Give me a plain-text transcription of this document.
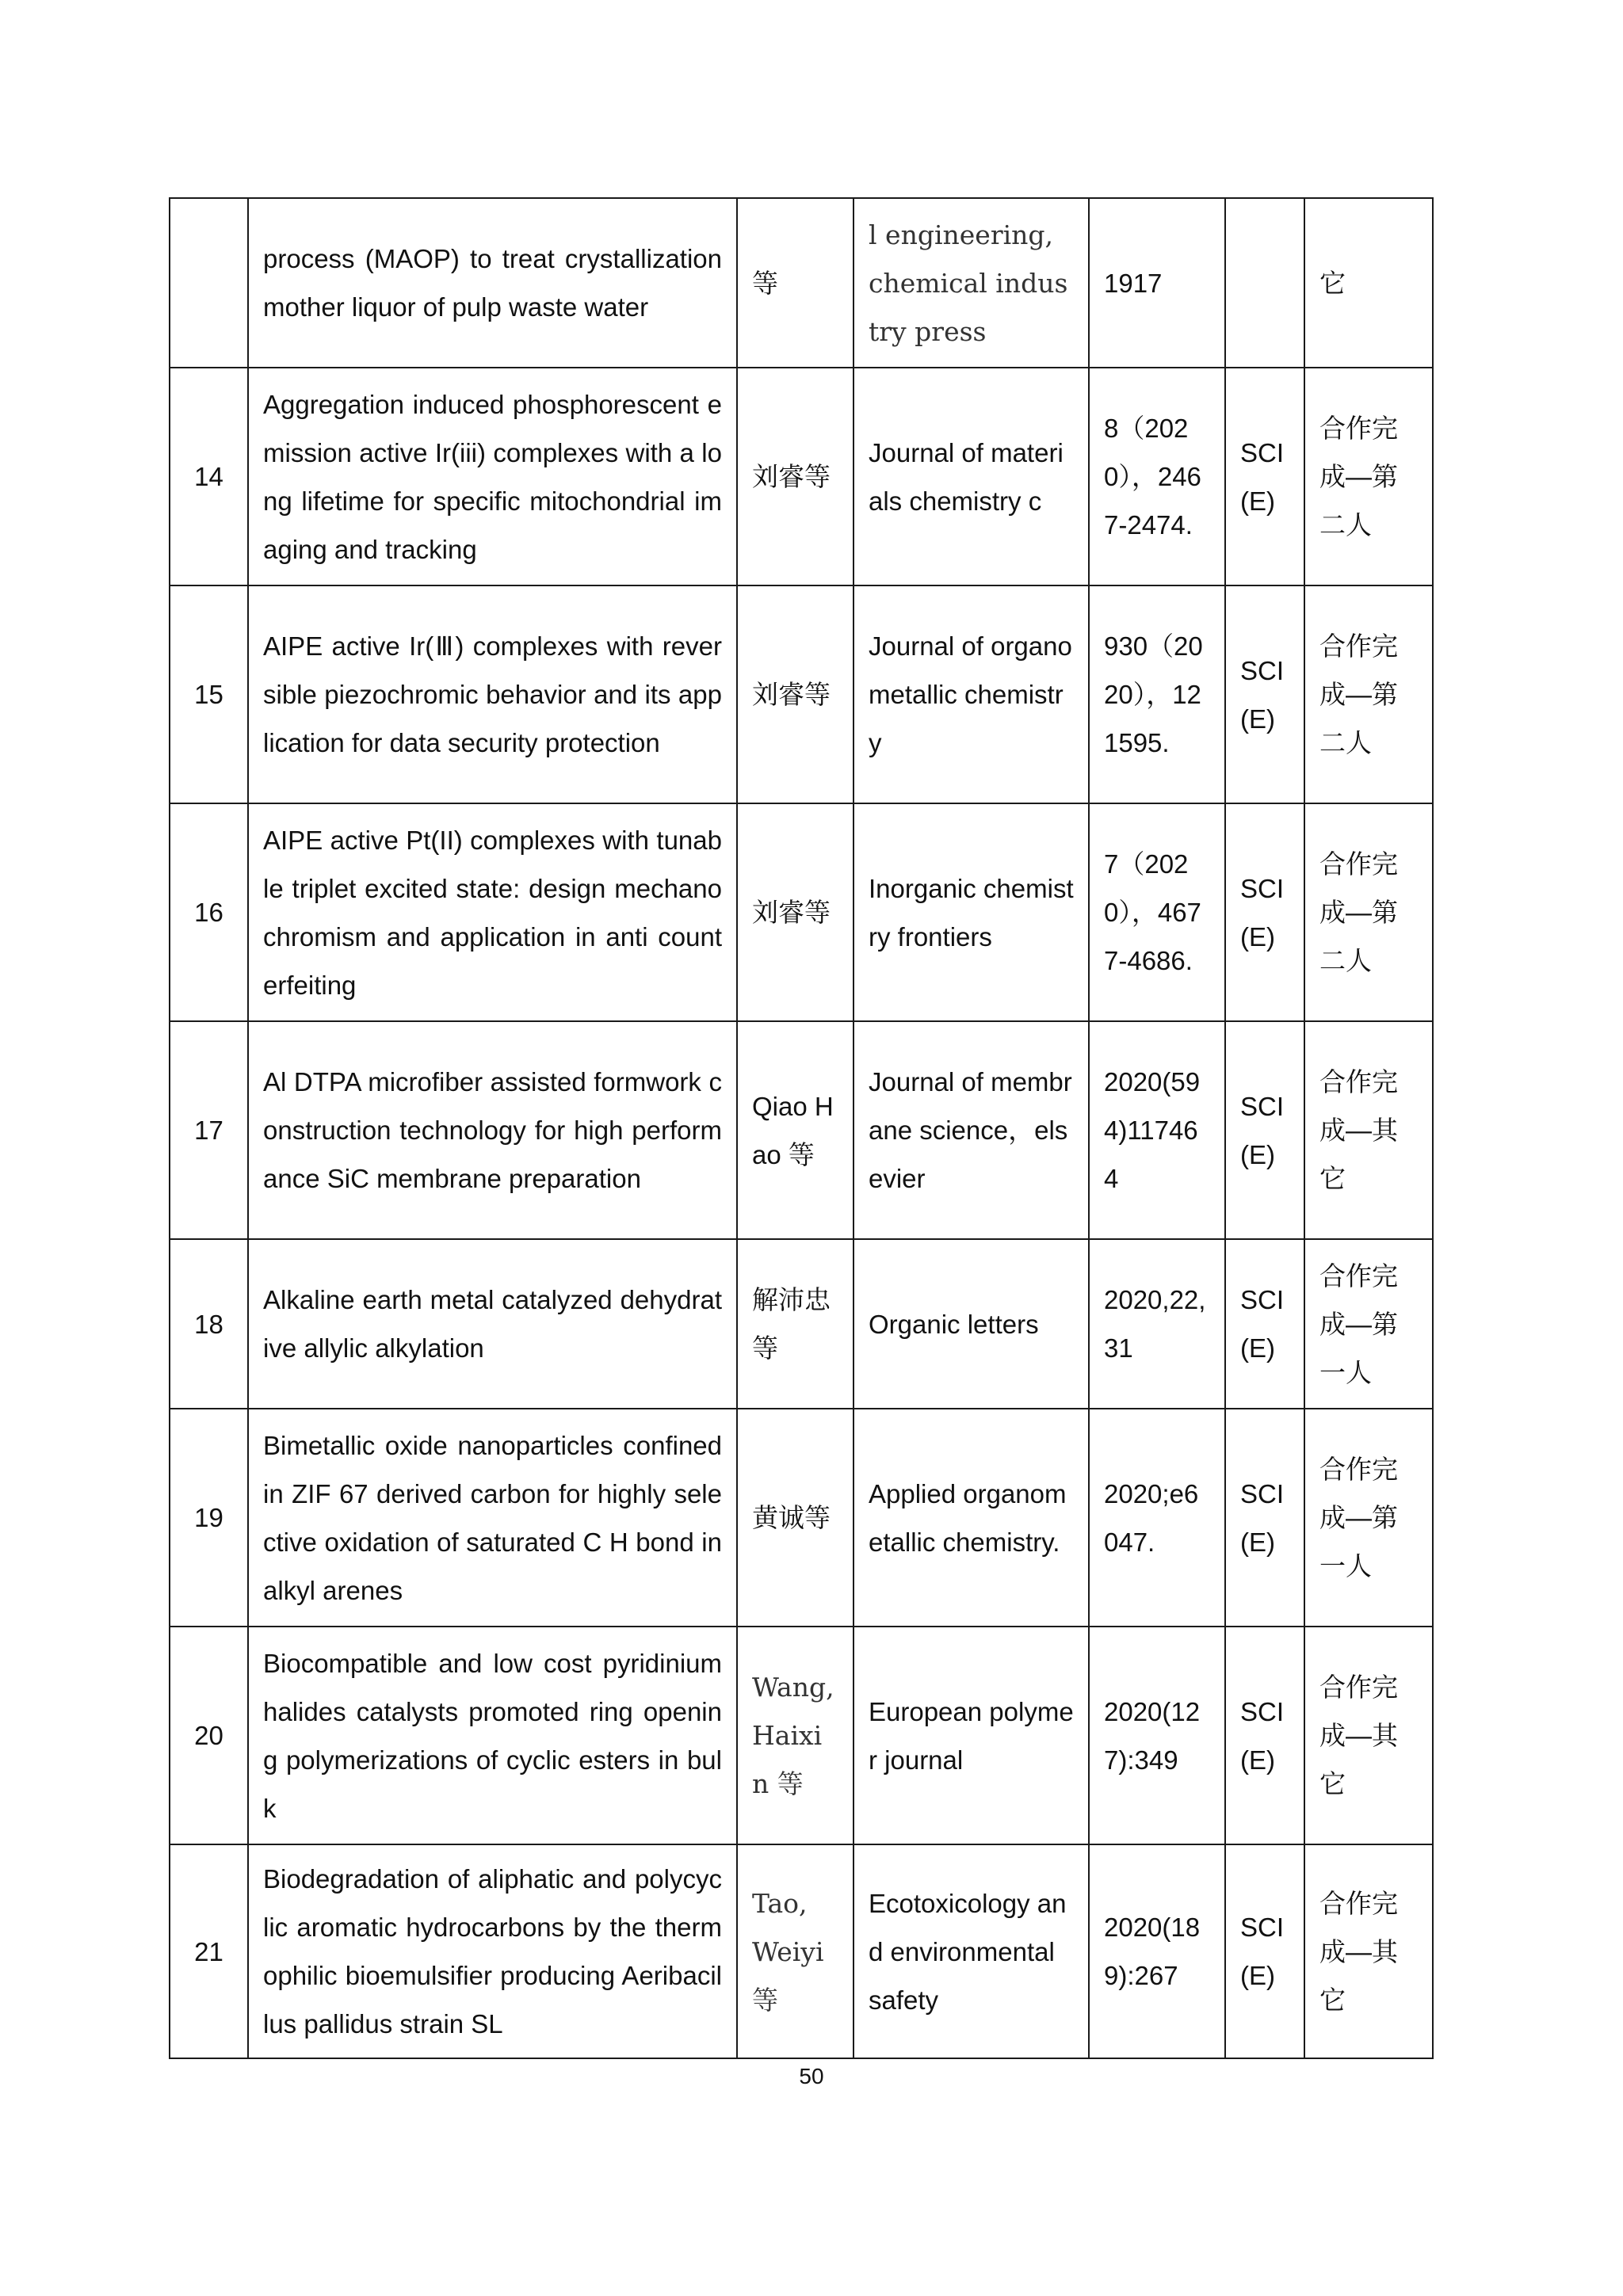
	process (MAOP) to treat crystallization mother liquor of pulp waste water	等	l engineering, chemical industry press	1917		它
14	Aggregation induced phosphorescent emission active Ir(iii) complexes with a long lifetime for specific mitochondrial imaging and tracking	刘睿等	Journal of materials chemistry c	8（2020），2467-2474.	SCI(E)	合作完成—第二人
15	AIPE active Ir(Ⅲ) complexes with reversible piezochromic behavior and its application for data security protection	刘睿等	Journal of organometallic chemistry	930（2020），121595.	SCI(E)	合作完成—第二人
16	AIPE active Pt(II) complexes with tunable triplet excited state: design mechanochromism and application in anti counterfeiting	刘睿等	Inorganic chemistry frontiers	7（2020），4677-4686.	SCI(E)	合作完成—第二人
17	Al DTPA microfiber assisted formwork construction technology for high performance SiC membrane preparation	Qiao Hao 等	Journal of membrane science，elsevier	2020(594)117464	SCI(E)	合作完成—其它
18	Alkaline earth metal catalyzed dehydrative allylic alkylation	解沛忠等	Organic letters	2020,22,31	SCI(E)	合作完成—第一人
19	Bimetallic oxide nanoparticles confined in ZIF 67 derived carbon for highly selective oxidation of saturated C H bond in alkyl arenes	黄诚等	Applied organometallic chemistry.	2020;e6047.	SCI(E)	合作完成—第一人
20	Biocompatible and low cost pyridinium halides catalysts promoted ring opening polymerizations of cyclic esters in bulk	Wang, Haixin 等	European polymer journal	2020(127):349	SCI(E)	合作完成—其它
21	Biodegradation of aliphatic and polycyclic aromatic hydrocarbons by the thermophilic bioemulsifier producing Aeribacillus pallidus strain SL	Tao, Weiyi 等	Ecotoxicology and environmental safety	2020(189):267	SCI(E)	合作完成—其它
50
